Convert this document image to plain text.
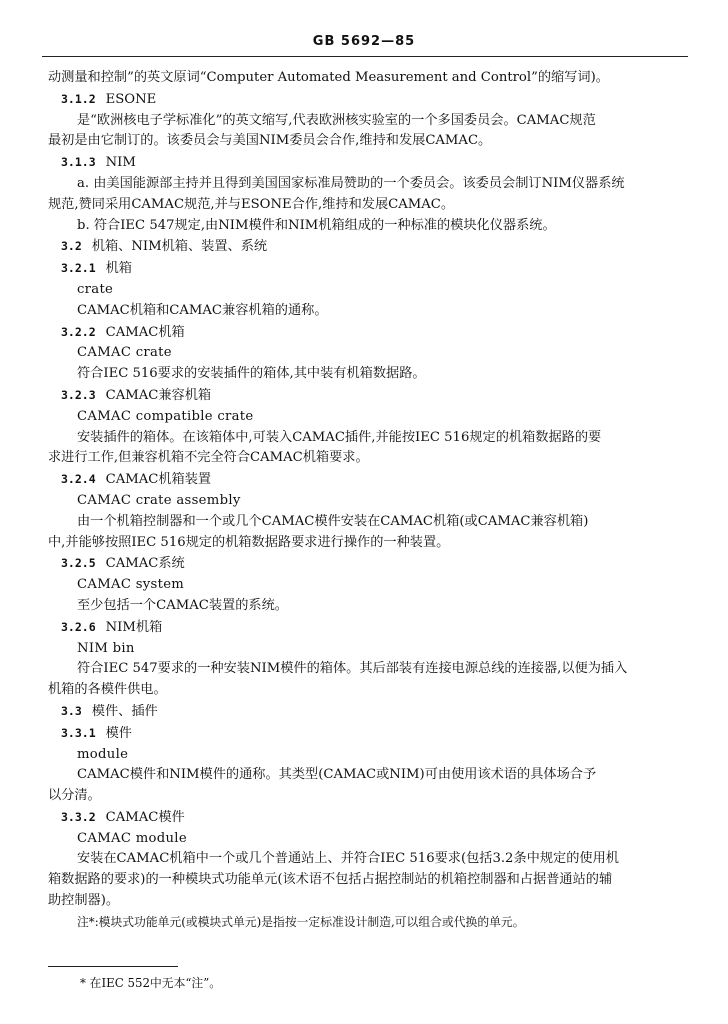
GB 5692—85
动测量和控制”的英文原词“Computer Automated Measurement and Control”的缩写词)。
3.1.2 ESONE
是“欧洲核电子学标准化”的英文缩写,代表欧洲核实验室的一个多国委员会。CAMAC规范
最初是由它制订的。该委员会与美国NIM委员会合作,维持和发展CAMAC。
3.1.3 NIM
a. 由美国能源部主持并且得到美国国家标准局赞助的一个委员会。该委员会制订NIM仪器系统
规范,赞同采用CAMAC规范,并与ESONE合作,维持和发展CAMAC。
b. 符合IEC 547规定,由NIM模件和NIM机箱组成的一种标准的模块化仪器系统。
3.2 机箱、NIM机箱、装置、系统
3.2.1 机箱
crate
CAMAC机箱和CAMAC兼容机箱的通称。
3.2.2 CAMAC机箱
CAMAC crate
符合IEC 516要求的安装插件的箱体,其中装有机箱数据路。
3.2.3 CAMAC兼容机箱
CAMAC compatible crate
安装插件的箱体。在该箱体中,可装入CAMAC插件,并能按IEC 516规定的机箱数据路的要
求进行工作,但兼容机箱不完全符合CAMAC机箱要求。
3.2.4 CAMAC机箱装置
CAMAC crate assembly
由一个机箱控制器和一个或几个CAMAC模件安装在CAMAC机箱(或CAMAC兼容机箱)
中,并能够按照IEC 516规定的机箱数据路要求进行操作的一种装置。
3.2.5 CAMAC系统
CAMAC system
至少包括一个CAMAC装置的系统。
3.2.6 NIM机箱
NIM bin
符合IEC 547要求的一种安装NIM模件的箱体。其后部装有连接电源总线的连接器,以便为插入
机箱的各模件供电。
3.3 模件、插件
3.3.1 模件
module
CAMAC模件和NIM模件的通称。其类型(CAMAC或NIM)可由使用该术语的具体场合予
以分清。
3.3.2 CAMAC模件
CAMAC module
安装在CAMAC机箱中一个或几个普通站上、并符合IEC 516要求(包括3.2条中规定的使用机
箱数据路的要求)的一种模块式功能单元(该术语不包括占据控制站的机箱控制器和占据普通站的辅
助控制器)。
注*:模块式功能单元(或模块式单元)是指按一定标准设计制造,可以组合或代换的单元。
* 在IEC 552中无本“注”。
